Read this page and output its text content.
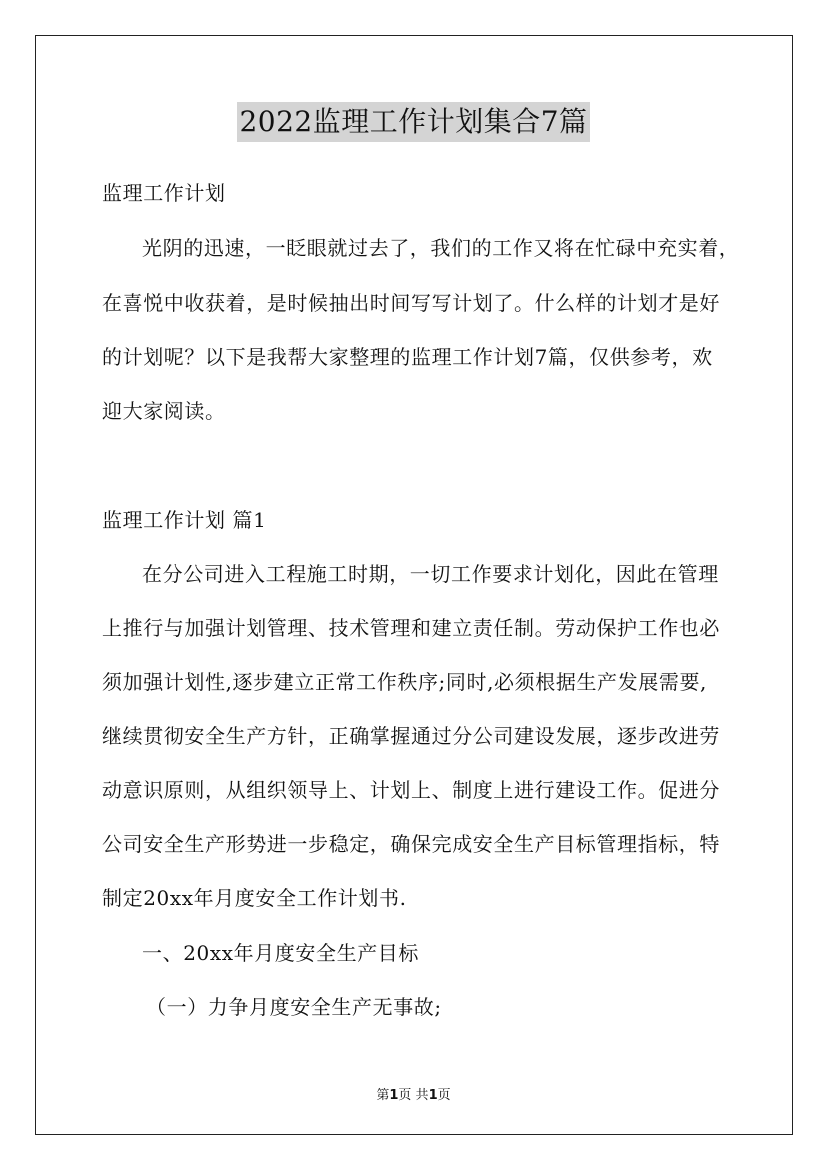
2022监理工作计划集合7篇
监理工作计划
光阴的迅速，一眨眼就过去了，我们的工作又将在忙碌中充实着，
在喜悦中收获着，是时候抽出时间写写计划了。什么样的计划才是好
的计划呢？以下是我帮大家整理的监理工作计划7篇，仅供参考，欢
迎大家阅读。
监理工作计划 篇1
在分公司进入工程施工时期，一切工作要求计划化，因此在管理
上推行与加强计划管理、技术管理和建立责任制。劳动保护工作也必
须加强计划性,逐步建立正常工作秩序;同时,必须根据生产发展需要,
继续贯彻安全生产方针，正确掌握通过分公司建设发展，逐步改进劳
动意识原则，从组织领导上、计划上、制度上进行建设工作。促进分
公司安全生产形势进一步稳定，确保完成安全生产目标管理指标，特
制定20xx年月度安全工作计划书.
一、20xx年月度安全生产目标
（一）力争月度安全生产无事故;
第1页 共1页
